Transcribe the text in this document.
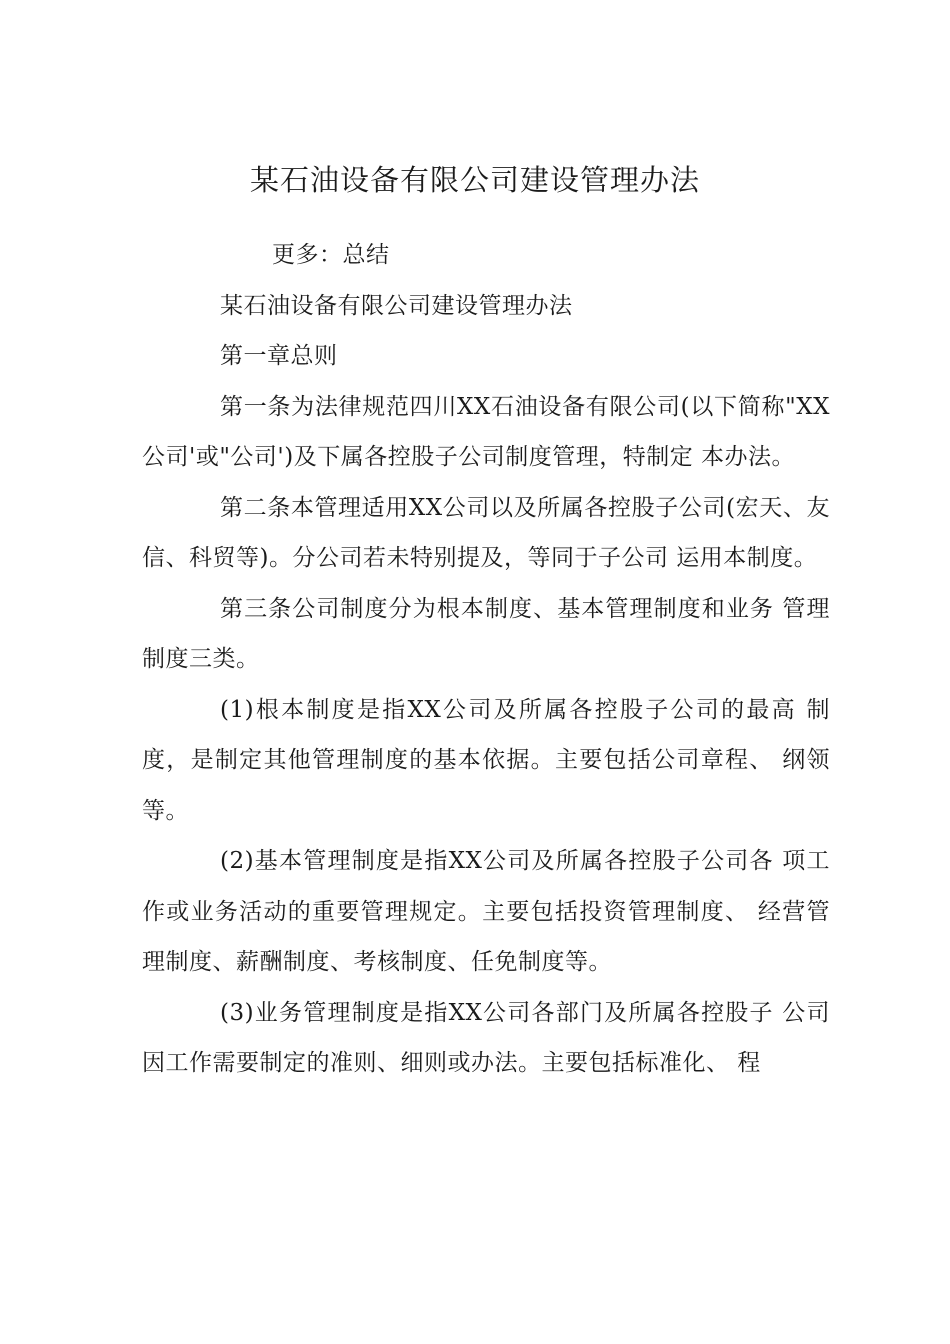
某石油设备有限公司建设管理办法

更多：总结

某石油设备有限公司建设管理办法

第一章总则

第一条为法律规范四川XX石油设备有限公司(以下简称"XX公司'或"公司')及下属各控股子公司制度管理，特制定 本办法。

第二条本管理适用XX公司以及所属各控股子公司(宏天、友信、科贸等)。分公司若未特别提及，等同于子公司 运用本制度。

第三条公司制度分为根本制度、基本管理制度和业务 管理制度三类。

(1)根本制度是指XX公司及所属各控股子公司的最高 制度，是制定其他管理制度的基本依据。主要包括公司章程、 纲领等。

(2)基本管理制度是指XX公司及所属各控股子公司各 项工作或业务活动的重要管理规定。主要包括投资管理制度、 经营管理制度、薪酬制度、考核制度、任免制度等。

(3)业务管理制度是指XX公司各部门及所属各控股子 公司因工作需要制定的准则、细则或办法。主要包括标准化、 程
